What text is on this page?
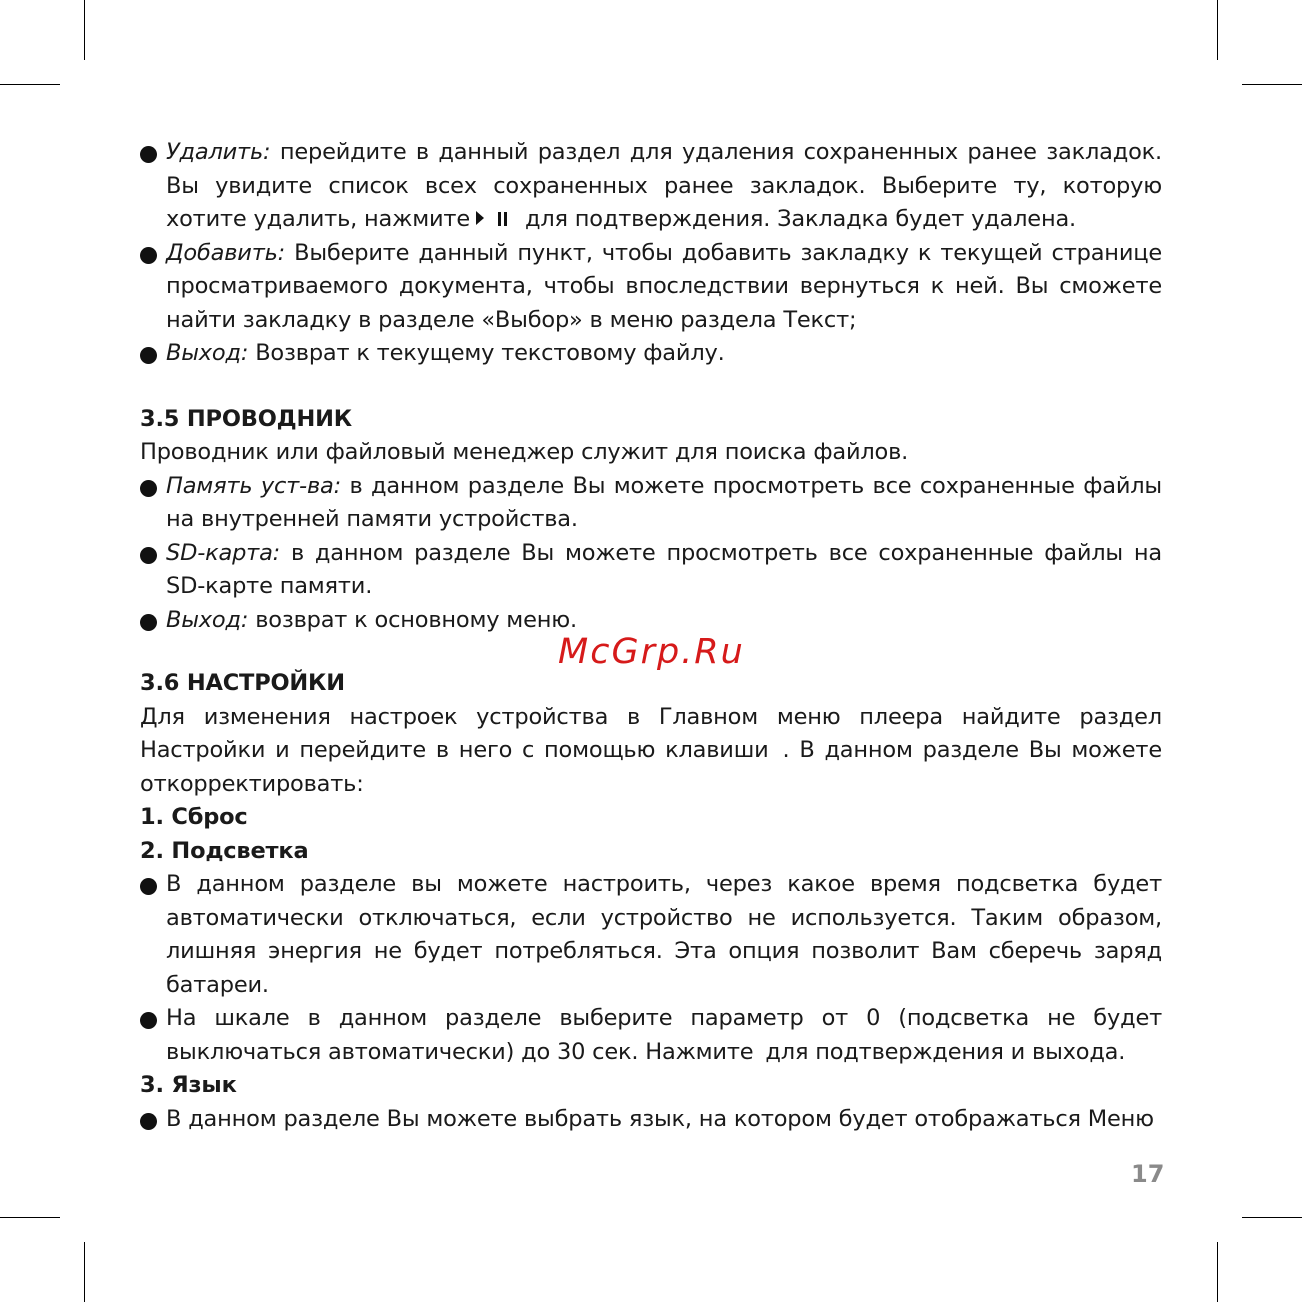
Удалить: перейдите в данный раздел для удаления сохраненных ранее закладок. Вы увидите список всех сохраненных ранее закладок. Выберите ту, которую хотите удалить, нажмите для подтверждения. Закладка будет удалена.
Добавить: Выберите данный пункт, чтобы добавить закладку к текущей странице просматриваемого документа, чтобы впоследствии вернуться к ней. Вы сможете найти закладку в разделе «Выбор» в меню раздела Текст;
Выход: Возврат к текущему текстовому файлу.
3.5 ПРОВОДНИК
Проводник или файловый менеджер служит для поиска файлов.
Память уст-ва: в данном разделе Вы можете просмотреть все сохраненные файлы на внутренней памяти устройства.
SD-карта: в данном разделе Вы можете просмотреть все сохраненные файлы на SD-карте памяти.
Выход: возврат к основному меню.
3.6 НАСТРОЙКИ
Для изменения настроек устройства в Главном меню плеера найдите раздел Настройки и перейдите в него с помощью клавиши . В данном разделе Вы можете откорректировать:
1. Сброс
2. Подсветка
В данном разделе вы можете настроить, через какое время подсветка будет автоматически отключаться, если устройство не используется. Таким образом, лишняя энергия не будет потребляться. Эта опция позволит Вам сберечь заряд батареи.
На шкале в данном разделе выберите параметр от 0 (подсветка не будет выключаться автоматически) до 30 сек. Нажмите для подтверждения и выхода.
3. Язык
В данном разделе Вы можете выбрать язык, на котором будет отображаться Меню
McGrp.Ru
17
